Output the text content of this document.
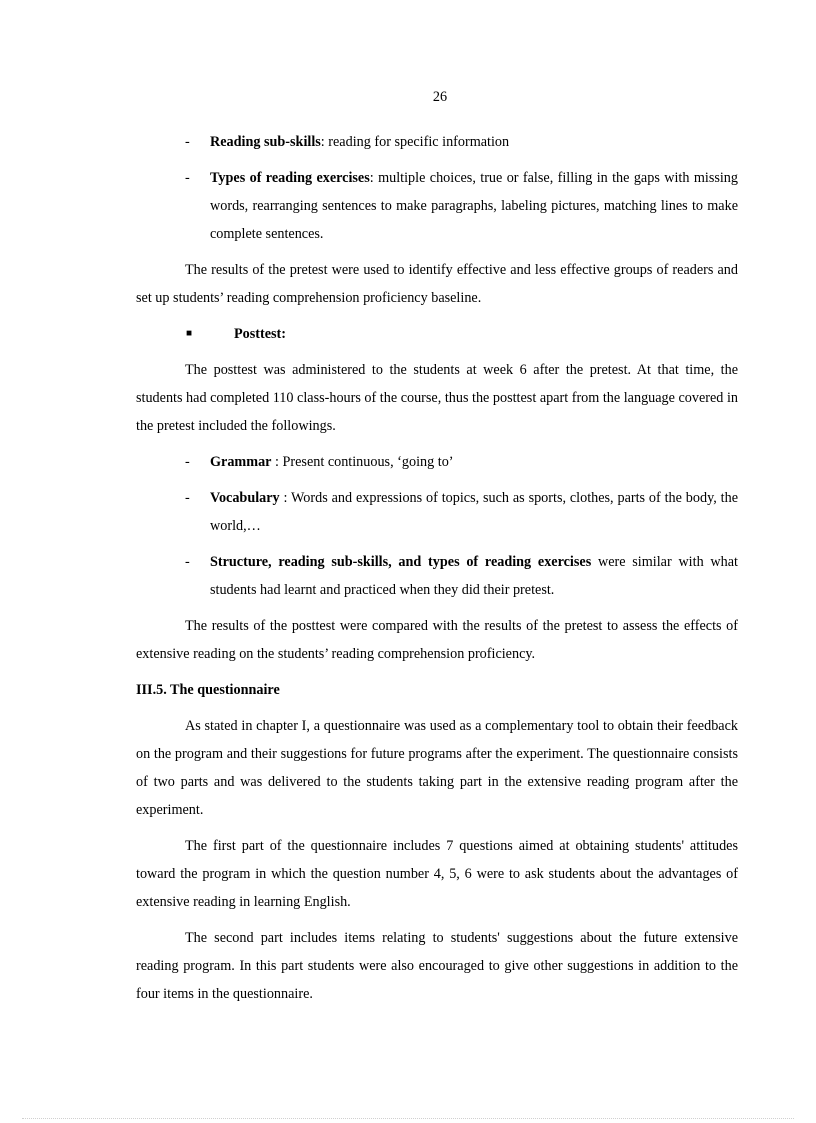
26
- Reading sub-skills: reading for specific information
- Types of reading exercises: multiple choices, true or false, filling in the gaps with missing words, rearranging sentences to make paragraphs, labeling pictures, matching lines to make complete sentences.

The results of the pretest were used to identify effective and less effective groups of readers and set up students’ reading comprehension proficiency baseline.

■	Posttest:

The posttest was administered to the students at week 6 after the pretest. At that time, the students had completed 110 class-hours of the course, thus the posttest apart from the language covered in the pretest included the followings.

- Grammar : Present continuous, ‘going to’
- Vocabulary : Words and expressions of topics, such as sports, clothes, parts of the body, the world,…
- Structure, reading sub-skills, and types of reading exercises were similar with what students had learnt and practiced when they did their pretest.

The results of the posttest were compared with the results of the pretest to assess the effects of extensive reading on the students’ reading comprehension proficiency.

III.5. The questionnaire

As stated in chapter I, a questionnaire was used as a complementary tool to obtain their feedback on the program and their suggestions for future programs after the experiment. The questionnaire consists of two parts and was delivered to the students taking part in the extensive reading program after the experiment.

The first part of the questionnaire includes 7 questions aimed at obtaining students' attitudes toward the program in which the question number 4, 5, 6 were to ask students about the advantages of extensive reading in learning English.

The second part includes items relating to students' suggestions about the future extensive reading program. In this part students were also encouraged to give other suggestions in addition to the four items in the questionnaire.
